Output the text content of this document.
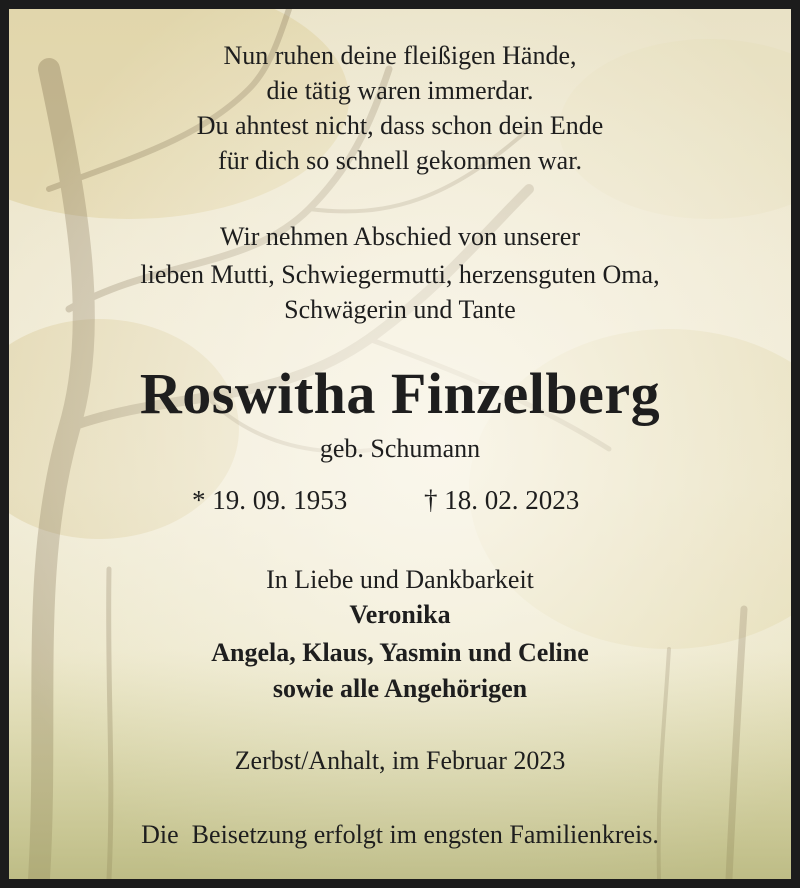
Nun ruhen deine fleißigen Hände,
die tätig waren immerdar.
Du ahntest nicht, dass schon dein Ende
für dich so schnell gekommen war.
Wir nehmen Abschied von unserer
lieben Mutti, Schwiegermutti, herzensguten Oma,
Schwägerin und Tante
Roswitha Finzelberg
geb. Schumann
* 19. 09. 1953	† 18. 02. 2023
In Liebe und Dankbarkeit
Veronika
Angela, Klaus, Yasmin und Celine
sowie alle Angehörigen
Zerbst/Anhalt, im Februar 2023
Die  Beisetzung erfolgt im engsten Familienkreis.
